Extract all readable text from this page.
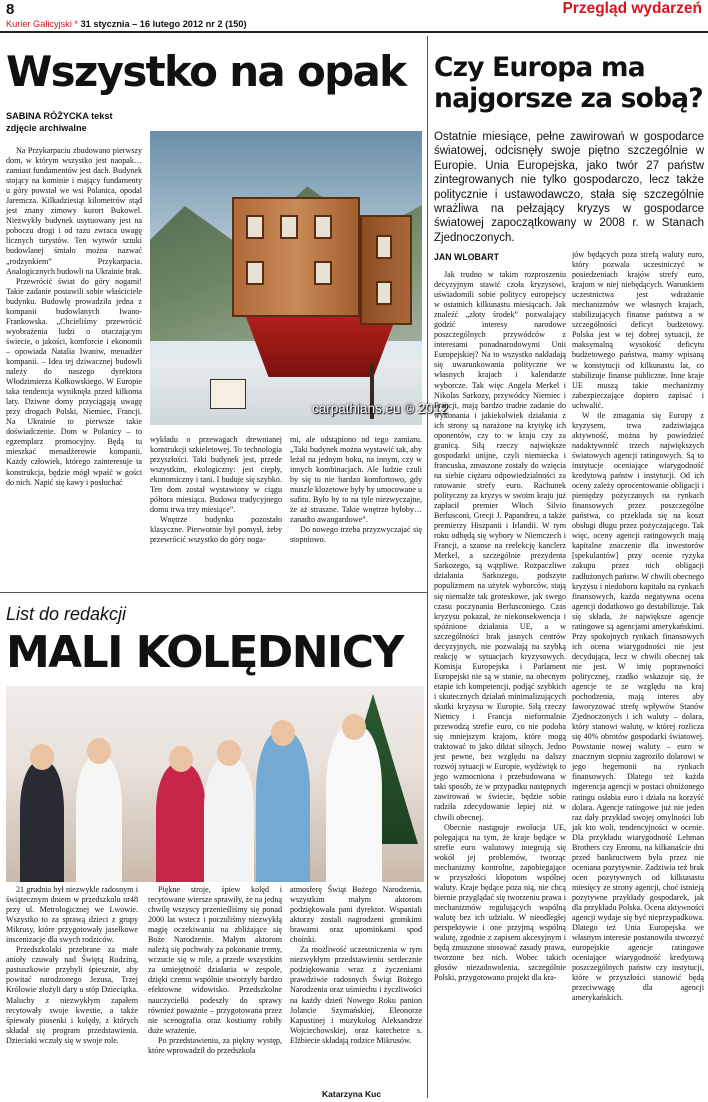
8	Przegląd wydarzeń
Kurier Galicyjski * 31 stycznia – 16 lutego 2012 nr 2 (150)
Wszystko na opak
SABINA RÓŻYCKA tekst
zdjęcie archiwalne
carpathians.eu © 2012

Na Przykarpaciu zbudowano pierwszy dom, w którym wszystko jest naopak… zamiast fundamentów jest dach. Budynek stojący na kominie i mający fundamenty u góry powstał we wsi Polanica, opodal Jaremcza. Kilkadziesiąt kilometrów stąd jest znany zimowy kurort Bukowel. Niezwykły budynek usytuowany jest na poboczu drogi i od razu zwraca uwagę licznych turystów. Ten wytwór sztuki budowlanej śmiało można nazwać „rodzynkiem” Przykarpacia. Analogicznych budowli na Ukrainie brak.

Przewrócić świat do góry nogami! Takie zadanie postawili sobie właściciele budynku. Budowlę prowadziła jedna z kompanii budowlanych Iwano-Frankowska. „Chcieliśmy przewrócić wyobrażenia ludzi o otaczającym świecie, o jakości, komforcie i ekonomii – opowiada Natalia Iwaniw, menadżer kompanii. – Idea tej dziwacznej budowli należy do naszego dyrektora Włodzimierza Kołkowskiego. W Europie taka tendencja wyniknęła przed kilkoma laty. Dziwne domy przyciągają uwagę przy drogach Polski, Niemiec, Francji. Na Ukrainie to pierwsze takie doświadczenie. Dom w Polanicy – to egzemplarz promocyjny. Będą tu mieszkać menadżerowie kompanii. Każdy człowiek, którego zainteresuje ta konstrukcja, będzie mógł wpaść w gości do nich. Napić się kawy i posłuchać

wykładu o przewagach drewnianej konstrukcji szkieletowej. To technologia przyszłości. Taki budynek jest, przede wszystkim, ekologiczny: jest ciepły, ekonomiczny i tani. I buduje się szybko. Ten dom został wystawiony w ciągu półtora miesiąca. Budowa tradycyjnego domu trwa trzy miesiące”.

Wnętrze budynku pozostało klasyczne. Pierwotnie był pomysł, żeby przewrócić wszystko do góry noga-

mi, ale odstąpiono od tego zamiaru. „Taki budynek można wystawić tak, aby leżał na jednym boku, na innym, czy w innych kombinacjach. Ale ludzie czuli by się tu nie bardzo komfortowo, gdy muszle klozetowe były by umocowane u sufitu. Było by to na tyle niezwyczajne, że aż straszne. Takie wnętrze byłoby… zanadto awangardowe”.

Do nowego trzeba przyzwyczajać się stopniowo.

List do redakcji
MALI KOLĘDNICY

21 grudnia był niezwykle radosnym i świątecznym dniem w przedszkolu nr48 przy ul. Metrologicznej we Lwowie. Wszystko to za sprawą dzieci z grupy Mikrusy, które przygotowały jasełkowe inscenizacje dla swych rodziców.

Przedszkolaki przebrane za małe anioły czuwały nad Świętą Rodziną, pastuszkowie przybyli śpiesznie, aby powitać narodzonego Jezusa, Trzej Królowie złożyli dary u stóp Dzieciątka. Maluchy z niezwykłym zapałem recytowały swoje kwestie, a także śpiewały piosenki i kolędy, z których składał się program przedstawienia. Dzieciaki wczuły się w swoje role.

Piękne stroje, śpiew kolęd i recytowane wiersze sprawiły, że na jedną chwilę wszyscy przenieśliśmy się ponad 2000 lat wstecz i poczuliśmy niezwykłą magię oczekiwania na zbliżające się Boże Narodzenie. Małym aktorom należą się pochwały za pokonanie tremy, wczucie się w role, a przede wszystkim za umiejętność działania w zespole, dzięki czemu wspólnie stworzyły bardzo efektowne widowisko. Przedszkolne nauczycielki podeszły do sprawy również poważnie – przygotowana przez nie scenografia oraz kostiumy robiły duże wrażenie.

Po przedstawieniu, za piękny występ, które wprowadził do przedszkola

atmosferę Świąt Bożego Narodzenia, wszystkim małym aktorom podziękowała pani dyrektor. Wspaniali aktorzy zostali nagrodzeni gromkimi brawami oraz upominkami spod choinki.

Za możliwość uczestniczenia w tym niezwykłym przedstawieniu serdecznie podziękowania wraz z życzeniami prawdziwie radosnych Świąt Bożego Narodzenia oraz uśmiechu i życzliwości na każdy dzień Nowego Roku panion Jolancie Szymańskiej, Eleonorze Kapustinej i muzykolog Aleksandrze Wojciechowskiej, oraz katechetce s. Elżbiecie składają rodzice Mikrusów.

Katarzyna Kuc
Czy Europa ma najgorsze za sobą?
Ostatnie miesiące, pełne zawirowań w gospodarce światowej, odcisnęły swoje piętno szczególnie w Europie. Unia Europejska, jako twór 27 państw zintegrowanych nie tylko gospodarczo, lecz także politycznie i ustawodawczo, stała się szczególnie wrażliwa na pełzający kryzys w gospodarce światowej zapoczątkowany w 2008 r. w Stanach Zjednoczonych.
JAN WLOBART

Jak trudno w takim rozproszeniu decyzyjnym stawić czoła kryzysowi, uświadomili sobie politycy europejscy w ostatnich kilkunastu miesiącach. Jak znaleźć „złoty środek” pozwalający godzić interesy narodowe poszczególnych przywódców z interesami ponadnarodowymi Unii Europejskiej? Na to wszystko nakładają się uwarunkowania polityczne we własnych krajach i kalendarze wyborcze. Tak więc Angela Merkel i Nikolas Sarkozy, przywódcy Niemiec i Francji, mają bardzo trudne zadanie do wykonania i jakiekolwiek działania z ich strony są narażone na krytykę ich oponentów, czy to w kraju czy za granicą. Siłą rzeczy największe gospodarki unijne, czyli niemiecka i francuska, zmuszone zostały do wzięcia na siebie ciężaru odpowiedzialności za ratowanie strefy euro. Rachunek polityczny za kryzys w swoim kraju już zapłacił premier Włoch Silvio Berlusconi, Grecji J. Papandreu, a także premierzy Hiszpanii i Irlandii. W tym roku odbędą się wybory w Niemczech i Francji, a szanse na reelekcję kanclerz Merkel, a szczególnie prezydenta Sarkozego, są wątpliwe. Rozpaczliwe działania Sarkozego, podszyte populizmem na użytek wyborców, stają się niemalże tak groteskowe, jak swego czasu poczynania Berlusconiego. Czas kryzysu pokazał, że niekonsekwencja i spóźnione działania UE, a w szczególności brak jasnych centrów decyzyjnych, nie pozwalają na szybką reakcję w sytuacjach kryzysowych. Komisja Europejska i Parlament Europejski nie są w stanie, na obecnym etapie ich kompetencji, podjąć szybkich i skutecznych działań minimalizujących skutki kryzysu w Europie. Siłą rzeczy Niemcy i Francja nieformalnie przewodzą strefie euro, co nie podoba się mniejszym krajom, które mogą traktować to jako diktat silnych. Jedno jest pewne, bez względu na dalszy rozwój sytuacji w Europie, wydźwięk to jego wzmocniona i przebudowana w taki sposób, że w przypadku następnych zawirowań w świecie, będzie sobie radziła zdecydowanie lepiej niż w chwili obecnej.

Obecnie nastąpuje ewolucja UE, polegająca na tym, że kraje będące w strefie euro walutowy integrują się wokół jej problemów, tworząc mechanizmy kontrolne, zapobiegające w przyszłości kłopotom wspólnej waluty. Kraje będące poza nią, nie chcą biernie przyglądać się tworzeniu prawa i mechanizmów regulujących wspólną walutę bez ich udziału. W nieodległej perspektywie i one przyjmą wspólną walutę, zgodnie z zapisem akcesyjnym i będą zmuszone stosować zasady prawa, tworzone bez nich. Wobec takich głosów niezadowolenia, szczególnie Polski, przygotowano projekt dla kra-

jów będących poza strefą waluty euro, który pozwala uczestniczyć w posiedzeniach krajów strefy euro, krajom w niej niebędących. Warunkiem uczestnictwa jest wdrażanie mechanizmów we własnych krajach, stabilizujących finanse państwa a w szczególności deficyt budżetowy. Polska jest w tej dobrej sytuacji, że maksymalną wysokość deficytu budżetowego państwa, mamy wpisaną w konstytucji od kilkunastu lat, co stabilizuje finanse publiczne. Inne kraje UE muszą takie mechanizmy zabezpieczające dopiero zapisać i uchwalić.

W tle zmagania się Europy z kryzysem, trwa zadziwiająca aktywność, można by powiedzieć nadaktywność trzech największych światowych agencji ratingowych. Są to instytucje oceniające wiarygodność kredytową państw i instytucji. Od ich oceny zależy oprocentowanie obligacji i pieniędzy pożyczanych na rynkach finansowych przez poszczególne państwa, co przekłada się na koszt obsługi długu przez pożyczającego. Tak więc, oceny agencji ratingowych mają kapitalne znaczenie dla inwestorów [spekulantów] przy ocenie ryzyka zakupu przez nich obligacji zadłużonych państw. W chwili obecnego kryzysu i niedoboru kapitału na rynkach finansowych, każda negatywna ocena agencji dodatkowo go destabilizuje. Tak się składa, że największe agencje ratingowe są agencjami amerykańskimi. Przy spokojnych rynkach finansowych ich ocena wiarygodności nie jest decydująca, lecz w chwili obecnej tak nie jest. W imię poprawności politycznej, rzadko wskazuje się, że agencje te ze względu na kraj pochodzenia, mają interes aby faworyzować strefę wpływów Stanów Zjednoczonych i ich waluty – dolara, który stanowi walutę, w której rozlicza się 40% obrotów gospodarki światowej. Powstanie nowej waluty – euro w znacznym stopniu zagroziło dolarowi w jego hegemonii na rynkach finansowych. Dlatego też każda ingerencja agencji w postaci obniżonego ratingu osłabia euro i działa na korzyść dolara. Agencje ratingowe już nie jeden raz dały przykład swojej omylności lub jak kto woli, tendencyjności w ocenie. Dla przykładu wiarygodność Lehman Brothers czy Enronu, na kilkanaście dni przed bankructwem była przez nie oceniana pozytywnie. Zadziwia też brak ocen pozytywnych od kilkunastu miesięcy ze strony agencji, choć istnieją pozytywne przykłady gospodarek, jak dla przykładu Polska. Ocena aktywności agencji wydaje się być nieprzypadkowa. Dlatego też Unia Europejska we własnym interesie postanowiła stworzyć europejskie agencje ratingowe oceniające wiarygodność kredytową poszczególnych państw czy instytucji, które w przyszłości stanowić będą przeciwwagę dla agencji amerykańskich.
